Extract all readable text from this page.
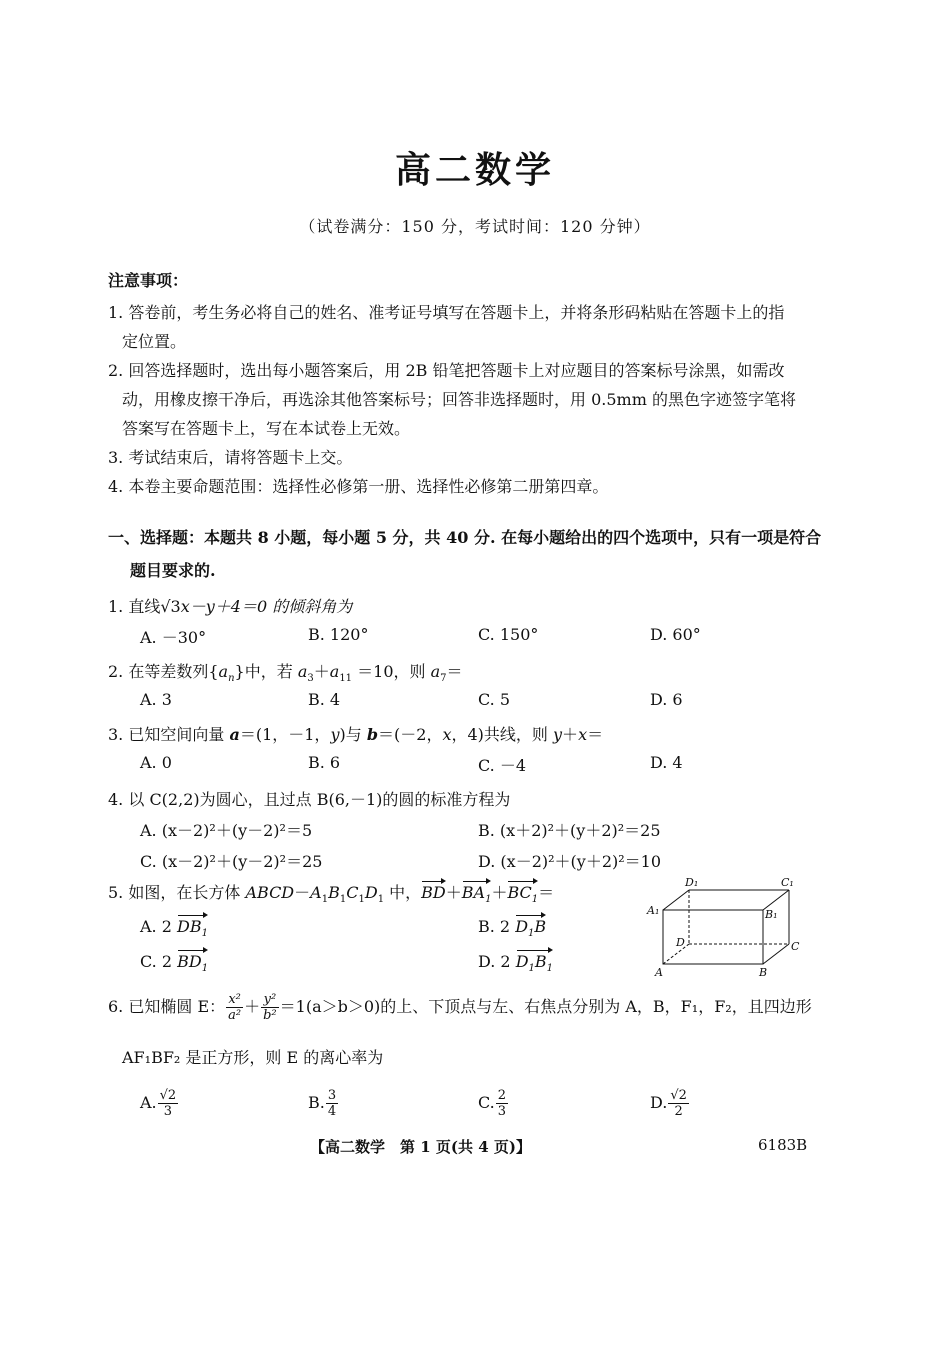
高二数学
（试卷满分：150 分，考试时间：120 分钟）
注意事项：
1. 答卷前，考生务必将自己的姓名、准考证号填写在答题卡上，并将条形码粘贴在答题卡上的指
定位置。
2. 回答选择题时，选出每小题答案后，用 2B 铅笔把答题卡上对应题目的答案标号涂黑，如需改
动，用橡皮擦干净后，再选涂其他答案标号；回答非选择题时，用 0.5mm 的黑色字迹签字笔将
答案写在答题卡上，写在本试卷上无效。
3. 考试结束后，请将答题卡上交。
4. 本卷主要命题范围：选择性必修第一册、选择性必修第二册第四章。
一、选择题：本题共 8 小题，每小题 5 分，共 40 分. 在每小题给出的四个选项中，只有一项是符合
题目要求的.
1. 直线√3x－y＋4＝0 的倾斜角为
A. －30°	B. 120°	C. 150°	D. 60°
2. 在等差数列$\{a_n\}$中，若 $a_3+a_{11} =10$，则 $a_7=$
A. 3	B. 4	C. 5	D. 6
3. 已知空间向量 a＝(1，－1，y)与 b＝(－2，x，4)共线，则 y＋x＝
A. 0	B. 6	C. －4	D. 4
4. 以 C(2,2)为圆心，且过点 B(6,－1)的圆的标准方程为
A. (x－2)²＋(y－2)²＝5	B. (x＋2)²＋(y＋2)²＝25
C. (x－2)²＋(y－2)²＝25	D. (x－2)²＋(y＋2)²＝10
5. 如图，在长方体 $ABCD-A_1B_1C_1D_1$ 中，$BD+BA_1+BC_1=$
A. 2 $DB_1$	B. 2 $D_1B$
C. 2 $BD_1$	D. 2 $D_1B_1$
D₁	C₁
A₁	B₁
D	C
A	B
6. 已知椭圆 E： $\frac{\text{x²}}{\text{a²}} + \frac{\text{y²}}{\text{b²}} =1(a>b>0)$的上、下顶点与左、右焦点分别为 A，B，F₁，F₂，且四边形
AF₁BF₂ 是正方形，则 E 的离心率为
A. $\frac{√2}{3}$	B. $\frac{3}{4}$	C. $\frac{2}{3}$	D. $\frac{√2}{2}$
【高二数学　第 1 页(共 4 页)】	6183B
